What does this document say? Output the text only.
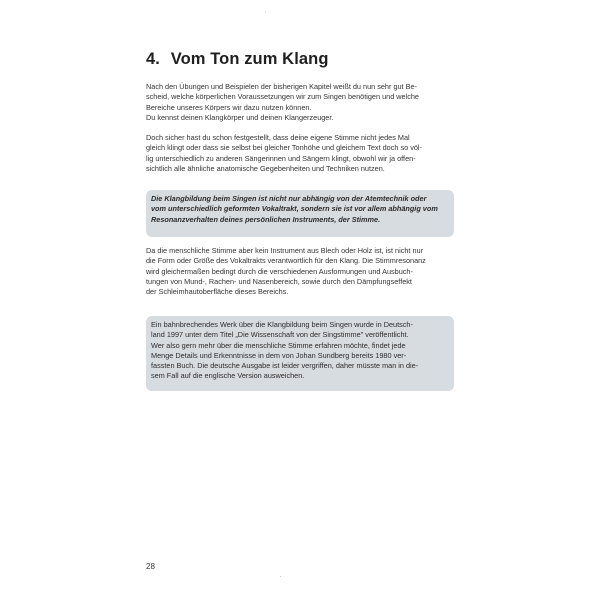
4. Vom Ton zum Klang
Nach den Übungen und Beispielen der bisherigen Kapitel weißt du nun sehr gut Be-
scheid, welche körperlichen Voraussetzungen wir zum Singen benötigen und welche
Bereiche unseres Körpers wir dazu nutzen können.
Du kennst deinen Klangkörper und deinen Klangerzeuger.
Doch sicher hast du schon festgestellt, dass deine eigene Stimme nicht jedes Mal
gleich klingt oder dass sie selbst bei gleicher Tonhöhe und gleichem Text doch so völ-
lig unterschiedlich zu anderen Sängerinnen und Sängern klingt, obwohl wir ja offen-
sichtlich alle ähnliche anatomische Gegebenheiten und Techniken nutzen.
Die Klangbildung beim Singen ist nicht nur abhängig von der Atemtechnik oder
vom unterschiedlich geformten Vokaltrakt, sondern sie ist vor allem abhängig vom
Resonanzverhalten deines persönlichen Instruments, der Stimme.
Da die menschliche Stimme aber kein Instrument aus Blech oder Holz ist, ist nicht nur
die Form oder Größe des Vokaltrakts verantwortlich für den Klang. Die Stimmresonanz
wird gleichermaßen bedingt durch die verschiedenen Ausformungen und Ausbuch-
tungen von Mund-, Rachen- und Nasenbereich, sowie durch den Dämpfungseffekt
der Schleimhautoberfläche dieses Bereichs.
Ein bahnbrechendes Werk über die Klangbildung beim Singen wurde in Deutsch-
land 1997 unter dem Titel „Die Wissenschaft von der Singstimme" veröffentlicht.
Wer also gern mehr über die menschliche Stimme erfahren möchte, findet jede
Menge Details und Erkenntnisse in dem von Johan Sundberg bereits 1980 ver-
fassten Buch. Die deutsche Ausgabe ist leider vergriffen, daher müsste man in die-
sem Fall auf die englische Version ausweichen.
28
